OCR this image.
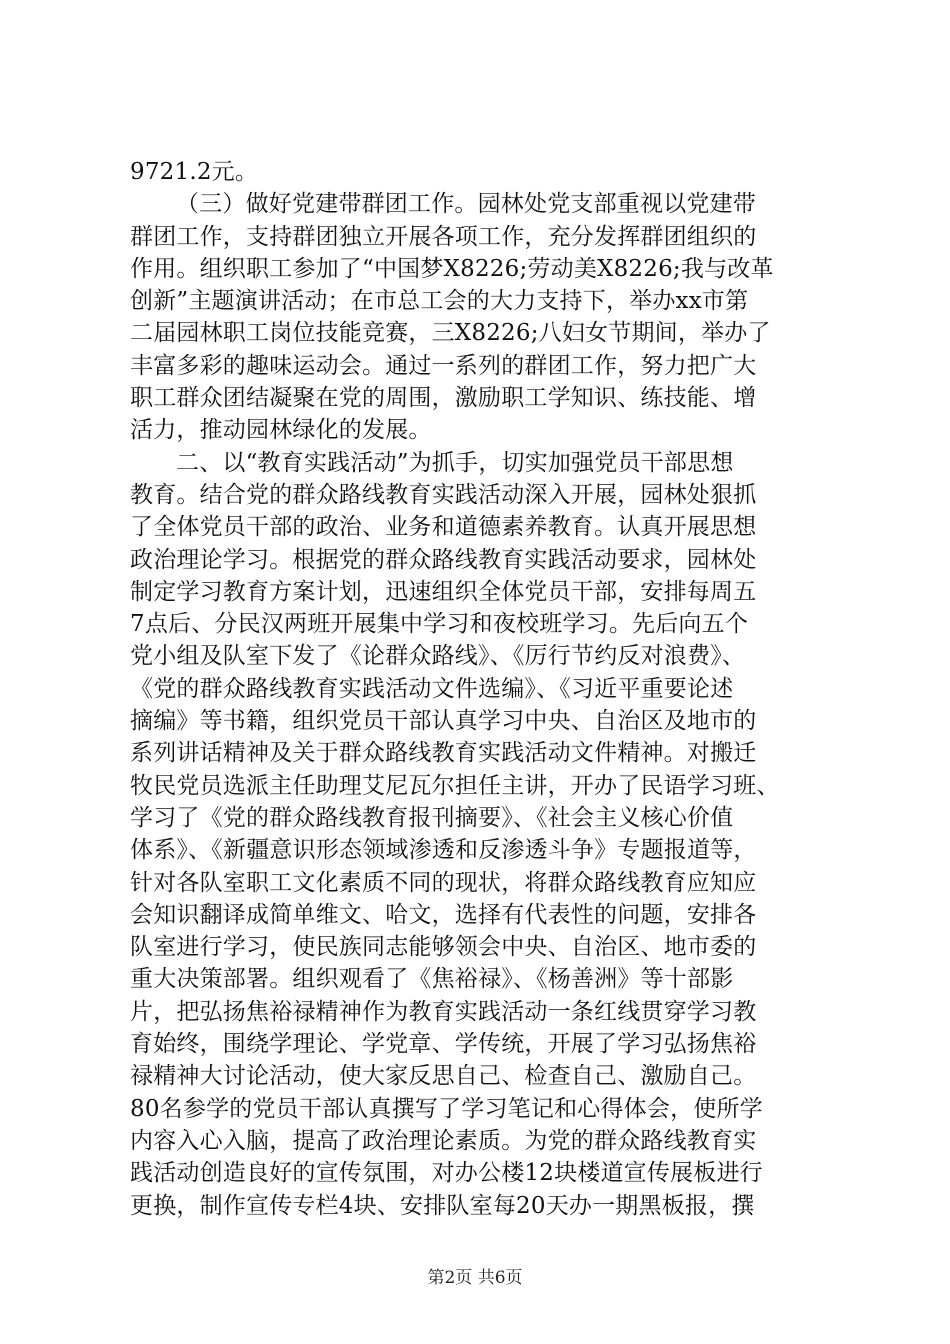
9721.2元。
（三）做好党建带群团工作。园林处党支部重视以党建带
群团工作，支持群团独立开展各项工作，充分发挥群团组织的
作用。组织职工参加了“中国梦X8226;劳动美X8226;我与改革
创新”主题演讲活动；在市总工会的大力支持下，举办xx市第
二届园林职工岗位技能竞赛，三X8226;八妇女节期间，举办了
丰富多彩的趣味运动会。通过一系列的群团工作，努力把广大
职工群众团结凝聚在党的周围，激励职工学知识、练技能、增
活力，推动园林绿化的发展。
二、以“教育实践活动”为抓手，切实加强党员干部思想
教育。结合党的群众路线教育实践活动深入开展，园林处狠抓
了全体党员干部的政治、业务和道德素养教育。认真开展思想
政治理论学习。根据党的群众路线教育实践活动要求，园林处
制定学习教育方案计划，迅速组织全体党员干部，安排每周五
7点后、分民汉两班开展集中学习和夜校班学习。先后向五个
党小组及队室下发了《论群众路线》、《厉行节约反对浪费》、
《党的群众路线教育实践活动文件选编》、《习近平重要论述
摘编》等书籍，组织党员干部认真学习中央、自治区及地市的
系列讲话精神及关于群众路线教育实践活动文件精神。对搬迁
牧民党员选派主任助理艾尼瓦尔担任主讲，开办了民语学习班、
学习了《党的群众路线教育报刊摘要》、《社会主义核心价值
体系》、《新疆意识形态领域渗透和反渗透斗争》专题报道等，
针对各队室职工文化素质不同的现状，将群众路线教育应知应
会知识翻译成简单维文、哈文，选择有代表性的问题，安排各
队室进行学习，使民族同志能够领会中央、自治区、地市委的
重大决策部署。组织观看了《焦裕禄》、《杨善洲》等十部影
片，把弘扬焦裕禄精神作为教育实践活动一条红线贯穿学习教
育始终，围绕学理论、学党章、学传统，开展了学习弘扬焦裕
禄精神大讨论活动，使大家反思自己、检查自己、激励自己。
80名参学的党员干部认真撰写了学习笔记和心得体会，使所学
内容入心入脑，提高了政治理论素质。为党的群众路线教育实
践活动创造良好的宣传氛围，对办公楼12块楼道宣传展板进行
更换，制作宣传专栏4块、安排队室每20天办一期黑板报，撰
第2页 共6页
